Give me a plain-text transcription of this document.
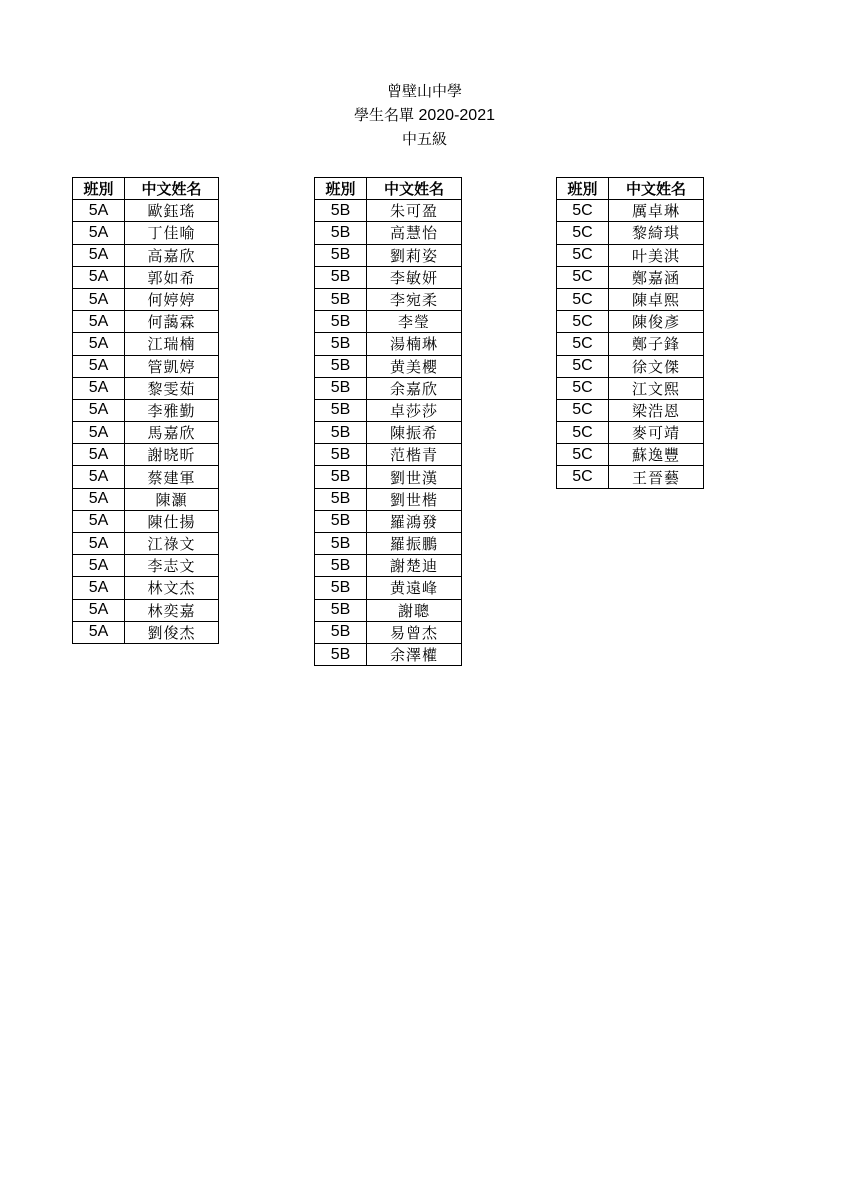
曾壁山中學
學生名單 2020-2021
中五級
班別	中文姓名
5A	歐鈺瑤
5A	丁佳喻
5A	高嘉欣
5A	郭如希
5A	何婷婷
5A	何藹霖
5A	江瑞楠
5A	管凱婷
5A	黎雯茹
5A	李雅勤
5A	馬嘉欣
5A	謝晓昕
5A	蔡建軍
5A	陳灝
5A	陳仕揚
5A	江祿文
5A	李志文
5A	林文杰
5A	林奕嘉
5A	劉俊杰
班別	中文姓名
5B	朱可盈
5B	高慧怡
5B	劉莉姿
5B	李敏妍
5B	李宛柔
5B	李瑩
5B	湯楠琳
5B	黄美櫻
5B	余嘉欣
5B	卓莎莎
5B	陳振希
5B	范楷青
5B	劉世漢
5B	劉世楷
5B	羅鴻發
5B	羅振鵬
5B	謝楚迪
5B	黄遠峰
5B	謝聰
5B	易曾杰
5B	余澤權
班別	中文姓名
5C	厲卓琳
5C	黎綺琪
5C	叶美淇
5C	鄭嘉涵
5C	陳卓熙
5C	陳俊彥
5C	鄭子鋒
5C	徐文傑
5C	江文熙
5C	梁浩恩
5C	麥可靖
5C	蘇逸豐
5C	王晉藝
